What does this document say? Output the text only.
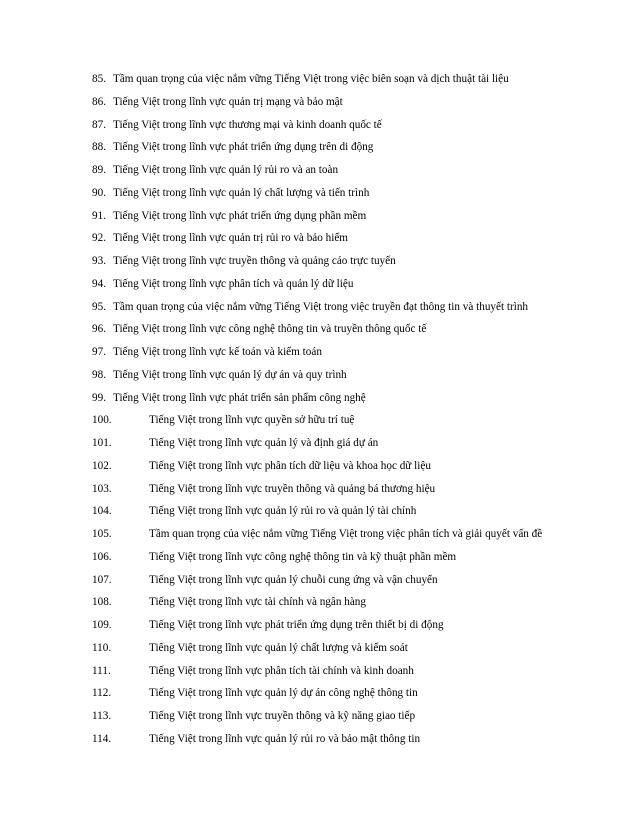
85. Tầm quan trọng của việc nắm vững Tiếng Việt trong việc biên soạn và dịch thuật tài liệu
86. Tiếng Việt trong lĩnh vực quản trị mạng và bảo mật
87. Tiếng Việt trong lĩnh vực thương mại và kinh doanh quốc tế
88. Tiếng Việt trong lĩnh vực phát triển ứng dụng trên di động
89. Tiếng Việt trong lĩnh vực quản lý rủi ro và an toàn
90. Tiếng Việt trong lĩnh vực quản lý chất lượng và tiến trình
91. Tiếng Việt trong lĩnh vực phát triển ứng dụng phần mềm
92. Tiếng Việt trong lĩnh vực quản trị rủi ro và bảo hiểm
93. Tiếng Việt trong lĩnh vực truyền thông và quảng cáo trực tuyến
94. Tiếng Việt trong lĩnh vực phân tích và quản lý dữ liệu
95. Tầm quan trọng của việc nắm vững Tiếng Việt trong việc truyền đạt thông tin và thuyết trình
96. Tiếng Việt trong lĩnh vực công nghệ thông tin và truyền thông quốc tế
97. Tiếng Việt trong lĩnh vực kế toán và kiểm toán
98. Tiếng Việt trong lĩnh vực quản lý dự án và quy trình
99. Tiếng Việt trong lĩnh vực phát triển sản phẩm công nghệ
100.	Tiếng Việt trong lĩnh vực quyền sở hữu trí tuệ
101.	Tiếng Việt trong lĩnh vực quản lý và định giá dự án
102.	Tiếng Việt trong lĩnh vực phân tích dữ liệu và khoa học dữ liệu
103.	Tiếng Việt trong lĩnh vực truyền thông và quảng bá thương hiệu
104.	Tiếng Việt trong lĩnh vực quản lý rủi ro và quản lý tài chính
105.	Tầm quan trọng của việc nắm vững Tiếng Việt trong việc phân tích và giải quyết vấn đề
106.	Tiếng Việt trong lĩnh vực công nghệ thông tin và kỹ thuật phần mềm
107.	Tiếng Việt trong lĩnh vực quản lý chuỗi cung ứng và vận chuyển
108.	Tiếng Việt trong lĩnh vực tài chính và ngân hàng
109.	Tiếng Việt trong lĩnh vực phát triển ứng dụng trên thiết bị di động
110.	Tiếng Việt trong lĩnh vực quản lý chất lượng và kiểm soát
111.	Tiếng Việt trong lĩnh vực phân tích tài chính và kinh doanh
112.	Tiếng Việt trong lĩnh vực quản lý dự án công nghệ thông tin
113.	Tiếng Việt trong lĩnh vực truyền thông và kỹ năng giao tiếp
114.	Tiếng Việt trong lĩnh vực quản lý rủi ro và bảo mật thông tin
